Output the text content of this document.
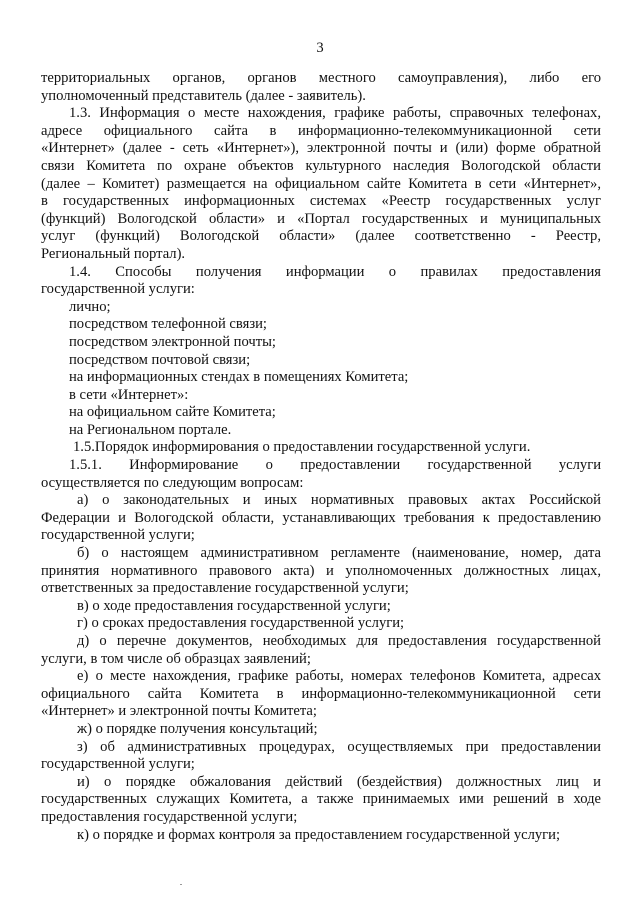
3

территориальных органов, органов местного самоуправления), либо его

уполномоченный представитель (далее - заявитель).

1.3. Информация о месте нахождения, графике работы, справочных телефонах,

адресе официального сайта в информационно-телекоммуникационной сети

«Интернет» (далее - сеть «Интернет»), электронной почты и (или) форме обратной

связи Комитета по охране объектов культурного наследия Вологодской области

(далее – Комитет) размещается на официальном сайте Комитета в сети «Интернет»,

в государственных информационных системах «Реестр государственных услуг

(функций) Вологодской области» и «Портал государственных и муниципальных

услуг (функций) Вологодской области» (далее соответственно - Реестр,

Региональный портал).

1.4. Способы получения информации о правилах предоставления

государственной услуги:

лично;

посредством телефонной связи;

посредством электронной почты;

посредством почтовой связи;

на информационных стендах в помещениях Комитета;

в сети «Интернет»:

на официальном сайте Комитета;

на Региональном портале.

1.5.Порядок информирования о предоставлении государственной услуги.

1.5.1. Информирование о предоставлении государственной услуги

осуществляется по следующим вопросам:

а) о законодательных и иных нормативных правовых актах Российской

Федерации и Вологодской области, устанавливающих требования к предоставлению

государственной услуги;

б) о настоящем административном регламенте (наименование, номер, дата

принятия нормативного правового акта) и уполномоченных должностных лицах,

ответственных за предоставление государственной услуги;

в) о ходе предоставления государственной услуги;

г) о сроках предоставления государственной услуги;

д) о перечне документов, необходимых для предоставления государственной

услуги, в том числе об образцах заявлений;

е) о месте нахождения, графике работы, номерах телефонов Комитета, адресах

официального сайта Комитета в информационно-телекоммуникационной сети

«Интернет» и электронной почты Комитета;

ж) о порядке получения консультаций;

з) об административных процедурах, осуществляемых при предоставлении

государственной услуги;

и) о порядке обжалования действий (бездействия) должностных лиц и

государственных служащих Комитета, а также принимаемых ими решений в ходе

предоставления государственной услуги;

к) о порядке и формах контроля за предоставлением государственной услуги;
